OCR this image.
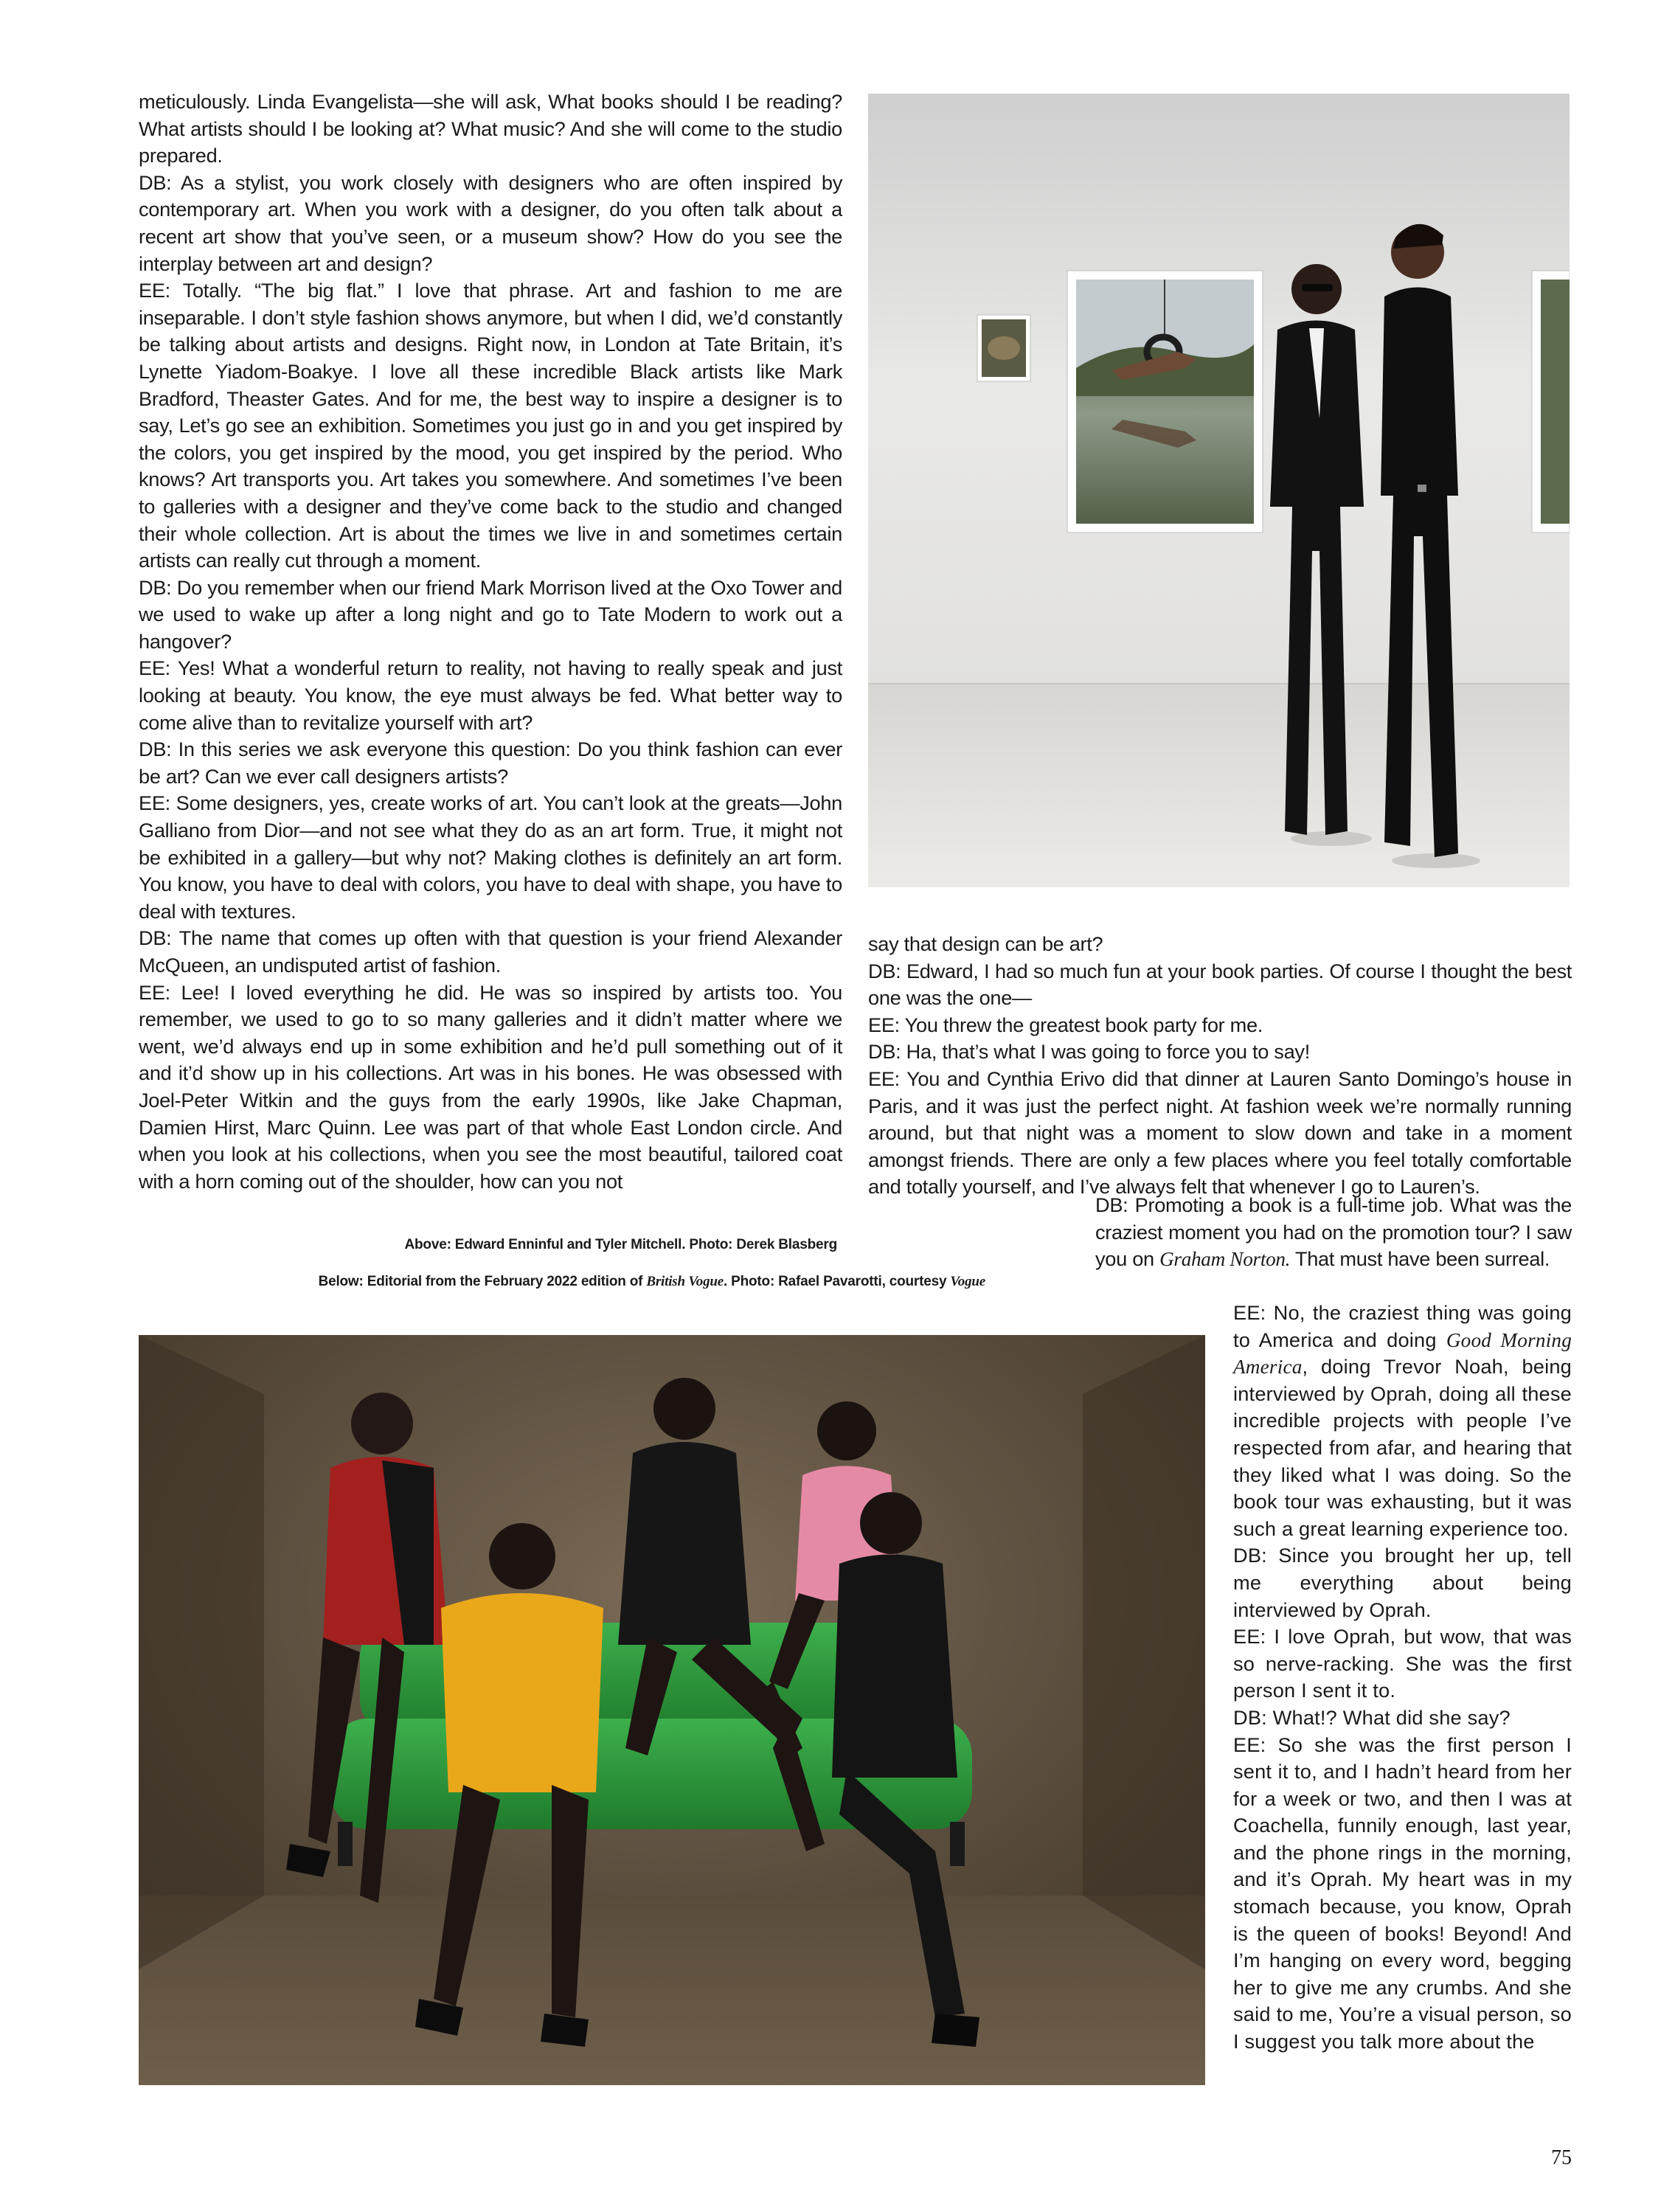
meticulously. Linda Evangelista—she will ask, What books should I be reading? What artists should I be looking at? What music? And she will come to the studio prepared.

DB: As a stylist, you work closely with designers who are often inspired by contemporary art. When you work with a designer, do you often talk about a recent art show that you’ve seen, or a museum show? How do you see the interplay between art and design?

EE: Totally. “The big flat.” I love that phrase. Art and fashion to me are inseparable. I don’t style fashion shows anymore, but when I did, we’d constantly be talking about artists and designs. Right now, in London at Tate Britain, it’s Lynette Yiadom-Boakye. I love all these incredible Black artists like Mark Bradford, Theaster Gates. And for me, the best way to inspire a designer is to say, Let’s go see an exhibition. Sometimes you just go in and you get inspired by the colors, you get inspired by the mood, you get inspired by the period. Who knows? Art transports you. Art takes you somewhere. And sometimes I’ve been to galleries with a designer and they’ve come back to the studio and changed their whole collection. Art is about the times we live in and sometimes certain artists can really cut through a moment.

DB: Do you remember when our friend Mark Morrison lived at the Oxo Tower and we used to wake up after a long night and go to Tate Modern to work out a hangover?

EE: Yes! What a wonderful return to reality, not having to really speak and just looking at beauty. You know, the eye must always be fed. What better way to come alive than to revitalize yourself with art?

DB: In this series we ask everyone this question: Do you think fashion can ever be art? Can we ever call designers artists?

EE: Some designers, yes, create works of art. You can’t look at the greats—John Galliano from Dior—and not see what they do as an art form. True, it might not be exhibited in a gallery—but why not? Making clothes is definitely an art form. You know, you have to deal with colors, you have to deal with shape, you have to deal with textures.

DB: The name that comes up often with that question is your friend Alexander McQueen, an undisputed artist of fashion.

EE: Lee! I loved everything he did. He was so inspired by artists too. You remember, we used to go to so many galleries and it didn’t matter where we went, we’d always end up in some exhibition and he’d pull something out of it and it’d show up in his collections. Art was in his bones. He was obsessed with Joel-Peter Witkin and the guys from the early 1990s, like Jake Chapman, Damien Hirst, Marc Quinn. Lee was part of that whole East London circle. And when you look at his collections, when you see the most beautiful, tailored coat with a horn coming out of the shoulder, how can you not

say that design can be art?

DB: Edward, I had so much fun at your book parties. Of course I thought the best one was the one—

EE: You threw the greatest book party for me.

DB: Ha, that’s what I was going to force you to say!

EE: You and Cynthia Erivo did that dinner at Lauren Santo Domingo’s house in Paris, and it was just the perfect night. At fashion week we’re normally running around, but that night was a moment to slow down and take in a moment amongst friends. There are only a few places where you feel totally comfortable and totally yourself, and I’ve always felt that whenever I go to Lauren’s.

DB: Promoting a book is a full-time job. What was the craziest moment you had on the promotion tour? I saw you on Graham Norton. That must have been surreal.

EE: No, the craziest thing was going to America and doing Good Morning America, doing Trevor Noah, being interviewed by Oprah, doing all these incredible projects with people I’ve respected from afar, and hearing that they liked what I was doing. So the book tour was exhausting, but it was such a great learning experience too.

DB: Since you brought her up, tell me everything about being interviewed by Oprah.

EE: I love Oprah, but wow, that was so nerve-racking. She was the first person I sent it to.

DB: What!? What did she say?

EE: So she was the first person I sent it to, and I hadn’t heard from her for a week or two, and then I was at Coachella, funnily enough, last year, and the phone rings in the morning, and it’s Oprah. My heart was in my stomach because, you know, Oprah is the queen of books! Beyond! And I’m hanging on every word, begging her to give me any crumbs. And she said to me, You’re a visual person, so I suggest you talk more about the

Above: Edward Enninful and Tyler Mitchell. Photo: Derek Blasberg
Below: Editorial from the February 2022 edition of British Vogue. Photo: Rafael Pavarotti, courtesy Vogue
75
